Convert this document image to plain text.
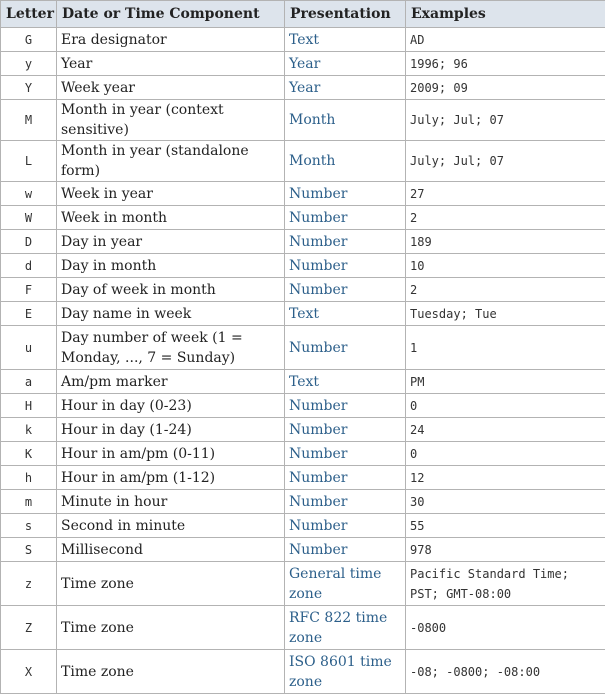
Letter	Date or Time Component	Presentation	Examples
G	Era designator	Text	AD
y	Year	Year	1996; 96
Y	Week year	Year	2009; 09
M	Month in year (context sensitive)	Month	July; Jul; 07
L	Month in year (standalone form)	Month	July; Jul; 07
w	Week in year	Number	27
W	Week in month	Number	2
D	Day in year	Number	189
d	Day in month	Number	10
F	Day of week in month	Number	2
E	Day name in week	Text	Tuesday; Tue
u	Day number of week (1 = Monday, ..., 7 = Sunday)	Number	1
a	Am/pm marker	Text	PM
H	Hour in day (0-23)	Number	0
k	Hour in day (1-24)	Number	24
K	Hour in am/pm (0-11)	Number	0
h	Hour in am/pm (1-12)	Number	12
m	Minute in hour	Number	30
s	Second in minute	Number	55
S	Millisecond	Number	978
z	Time zone	General time zone	Pacific Standard Time; PST; GMT-08:00
Z	Time zone	RFC 822 time zone	-0800
X	Time zone	ISO 8601 time zone	-08; -0800; -08:00
